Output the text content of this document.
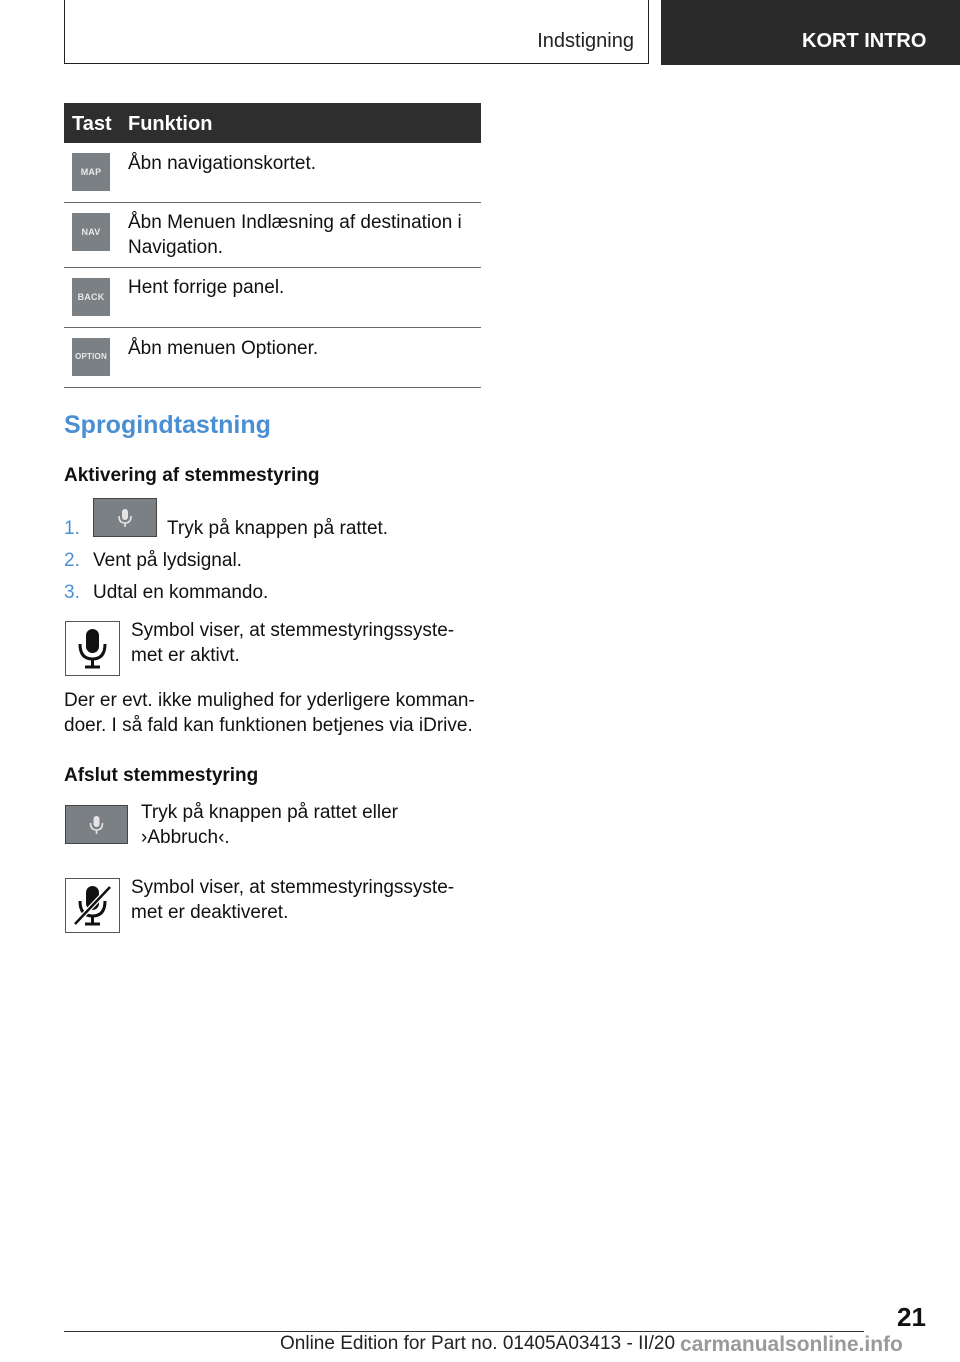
Indstigning	KORT INTRO
Tast Funktion
MAP	Åbn navigationskortet.
NAV	Åbn Menuen Indlæsning af destination i
Navigation.
BACK Hent forrige panel.
OPTION Åbn menuen Optioner.
Sprogindtastning
Aktivering af stemmestyring
1.	Tryk på knappen på rattet.
2. Vent på lydsignal.
3. Udtal en kommando.
Symbol viser, at stemmestyringssyste-
met er aktivt.
Der er evt. ikke mulighed for yderligere komman-
doer. I så fald kan funktionen betjenes via iDrive.
Afslut stemmestyring
Tryk på knappen på rattet eller
›Abbruch‹.
Symbol viser, at stemmestyringssyste-
met er deaktiveret.
21
Online Edition for Part no. 01405A03413 - II/20 carmanualsonline.info
